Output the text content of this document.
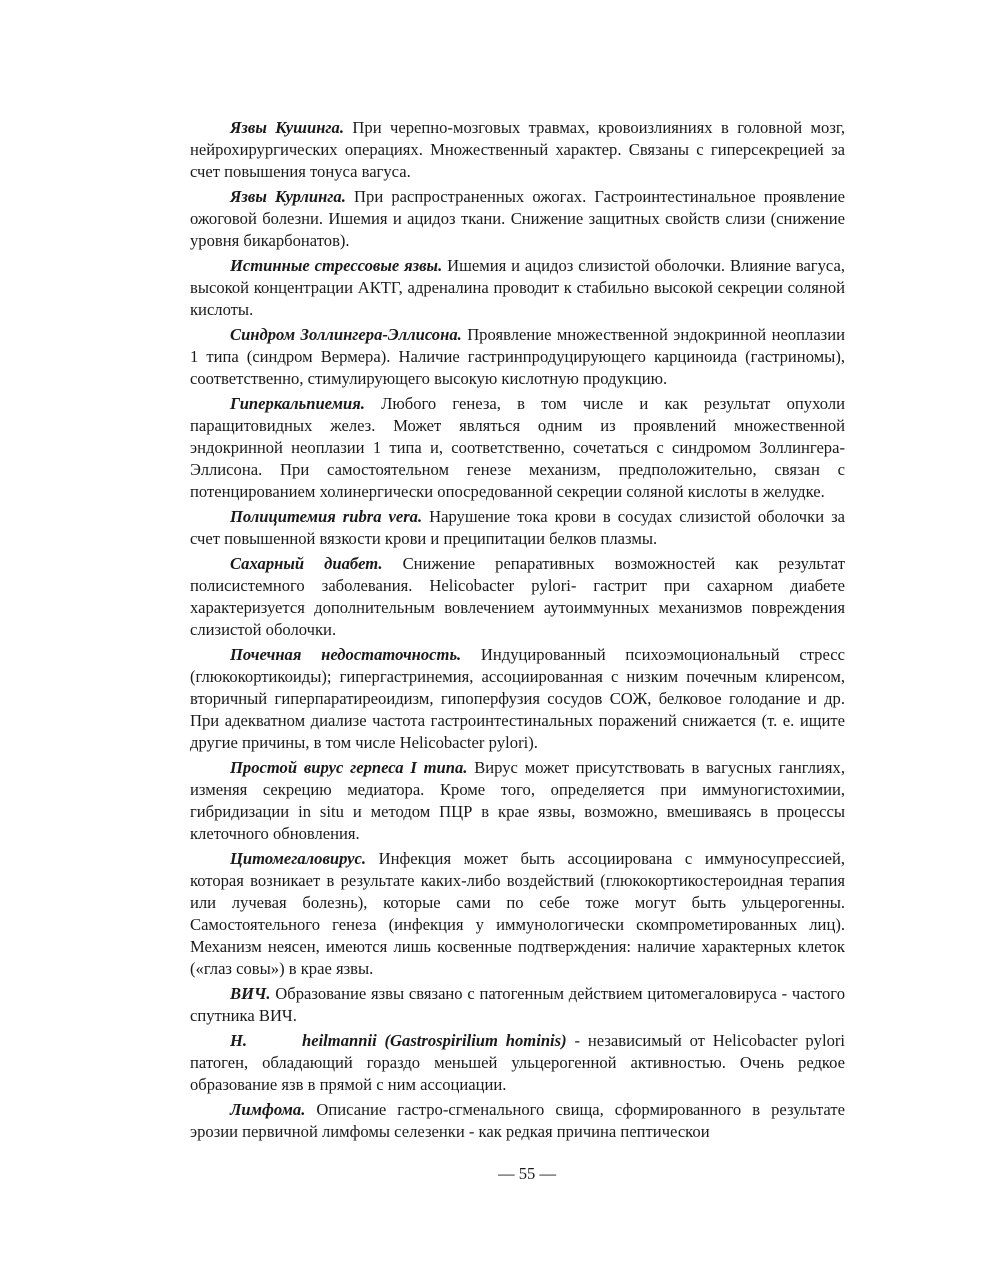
Язвы Кушинга. При черепно-мозговых травмах, кровоизлияниях в головной мозг, нейрохирургических операциях. Множественный характер. Связаны с гиперсекрецией за счет повышения тонуса вагуса.

Язвы Курлинга. При распространенных ожогах. Гастроинтестинальное проявление ожоговой болезни. Ишемия и ацидоз ткани. Снижение защитных свойств слизи (снижение уровня бикарбонатов).

Истинные стрессовые язвы. Ишемия и ацидоз слизистой оболочки. Влияние вагуса, высокой концентрации АКТГ, адреналина проводит к стабильно высокой секреции соляной кислоты.

Синдром Золлингера-Эллисона. Проявление множественной эндокринной неоплазии 1 типа (синдром Вермера). Наличие гастринпродуцирующего карциноида (гастриномы), соответственно, стимулирующего высокую кислотную продукцию.

Гиперкальпиемия. Любого генеза, в том числе и как результат опухоли паращитовидных желез. Может являться одним из проявлений множественной эндокринной неоплазии 1 типа и, соответственно, сочетаться с синдромом Золлингера-Эллисона. При самостоятельном генезе механизм, предположительно, связан с потенцированием холинергически опосредованной секреции соляной кислоты в желудке.

Полицитемия rubra vera. Нарушение тока крови в сосудах слизистой оболочки за счет повышенной вязкости крови и преципитации белков плазмы.

Сахарный диабет. Снижение репаративных возможностей как результат полисистемного заболевания. Helicobacter pylori- гастрит при сахарном диабете характеризуется дополнительным вовлечением аутоиммунных механизмов повреждения слизистой оболочки.

Почечная недостаточность. Индуцированный психоэмоциональный стресс (глюкокортикоиды); гипергастринемия, ассоциированная с низким почечным клиренсом, вторичный гиперпаратиреоидизм, гипоперфузия сосудов СОЖ, белковое голодание и др. При адекватном диализе частота гастроинтестинальных поражений снижается (т. е. ищите другие причины, в том числе Helicobacter pylori).

Простой вирус герпеса I типа. Вирус может присутствовать в вагусных ганглиях, изменяя секрецию медиатора. Кроме того, определяется при иммуногистохимии, гибридизации in situ и методом ПЦР в крае язвы, возможно, вмешиваясь в процессы клеточного обновления.

Цитомегаловирус. Инфекция может быть ассоциирована с иммуносупрессией, которая возникает в результате каких-либо воздействий (глюкокортикостероидная терапия или лучевая болезнь), которые сами по себе тоже могут быть ульцерогенны. Самостоятельного генеза (инфекция у иммунологически скомпрометированных лиц). Механизм неясен, имеются лишь косвенные подтверждения: наличие характерных клеток («глаз совы») в крае язвы.

ВИЧ. Образование язвы связано с патогенным действием цитомегаловируса - частого спутника ВИЧ.

H.       heilmannii (Gastrospirilium hominis) - независимый от Helicobacter pylori патоген, обладающий гораздо меньшей ульцерогенной активностью. Очень редкое образование язв в прямой с ним ассоциации.

Лимфома. Описание гастро-сгменального свища, сформированного в результате эрозии первичной лимфомы селезенки - как редкая причина пептическои

— 55 —
